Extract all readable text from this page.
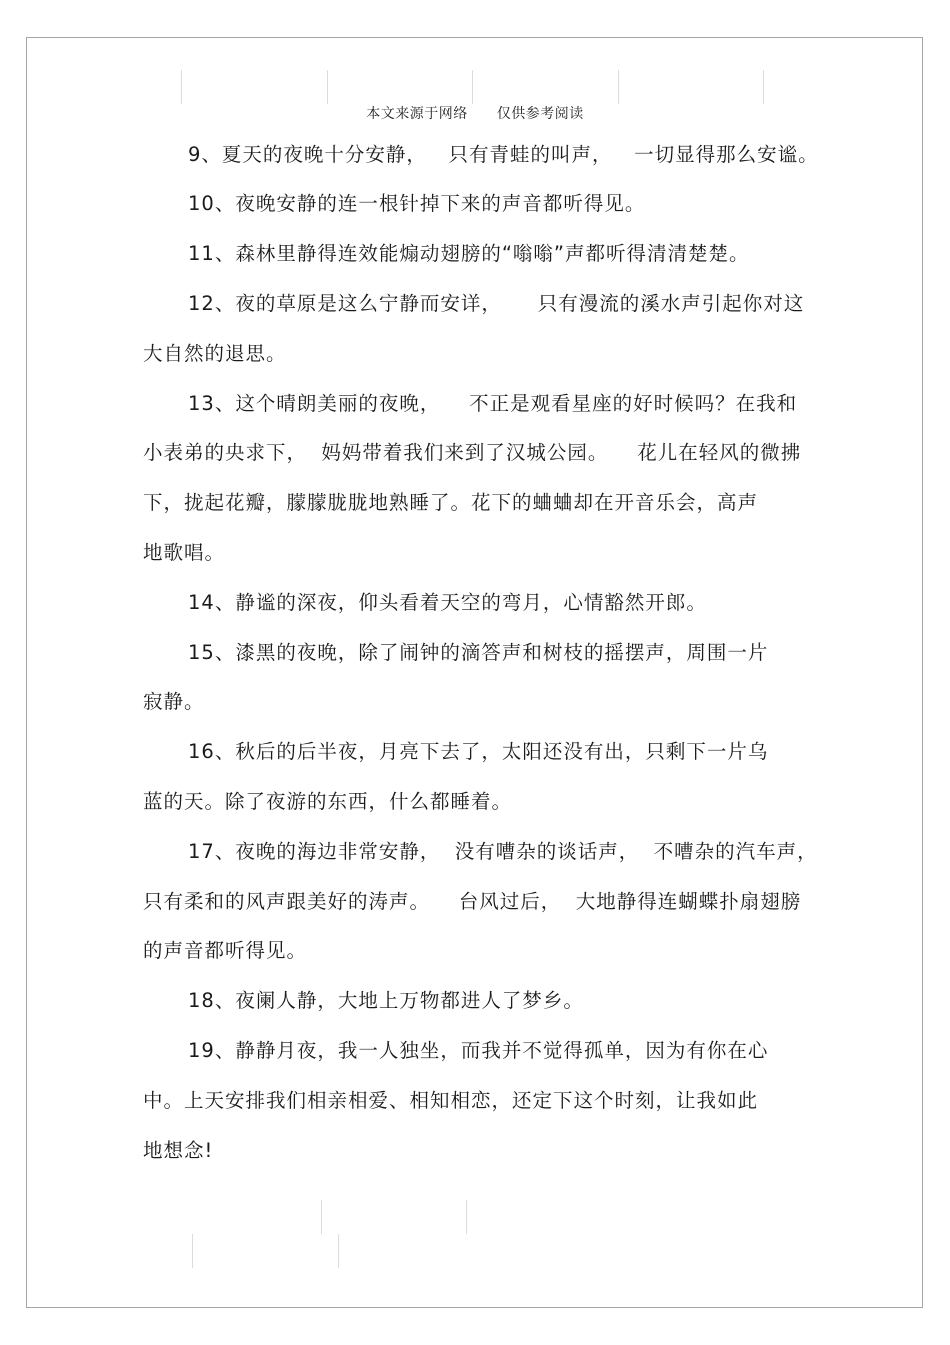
本文来源于网络 仅供参考阅读
9、夏天的夜晚十分安静，   只有青蛙的叫声，   一切显得那么安谧。
10、夜晚安静的连一根针掉下来的声音都听得见。
11、森林里静得连效能煽动翅膀的“嗡嗡”声都听得清清楚楚。
12、夜的草原是这么宁静而安详，     只有漫流的溪水声引起你对这
大自然的退思。
13、这个晴朗美丽的夜晚，    不正是观看星座的好时候吗？在我和
小表弟的央求下，  妈妈带着我们来到了汉城公园。    花儿在轻风的微拂
下，拢起花瓣，朦朦胧胧地熟睡了。花下的蛐蛐却在开音乐会，高声
地歌唱。
14、静谧的深夜，仰头看着天空的弯月，心情豁然开郎。
15、漆黑的夜晚，除了闹钟的滴答声和树枝的摇摆声，周围一片
寂静。
16、秋后的后半夜，月亮下去了，太阳还没有出，只剩下一片乌
蓝的天。除了夜游的东西，什么都睡着。
17、夜晚的海边非常安静，  没有嘈杂的谈话声，  不嘈杂的汽车声，
只有柔和的风声跟美好的涛声。    台风过后，  大地静得连蝴蝶扑扇翅膀
的声音都听得见。
18、夜阑人静，大地上万物都进人了梦乡。
19、静静月夜，我一人独坐，而我并不觉得孤单，因为有你在心
中。上天安排我们相亲相爱、相知相恋，还定下这个时刻，让我如此
地想念!
